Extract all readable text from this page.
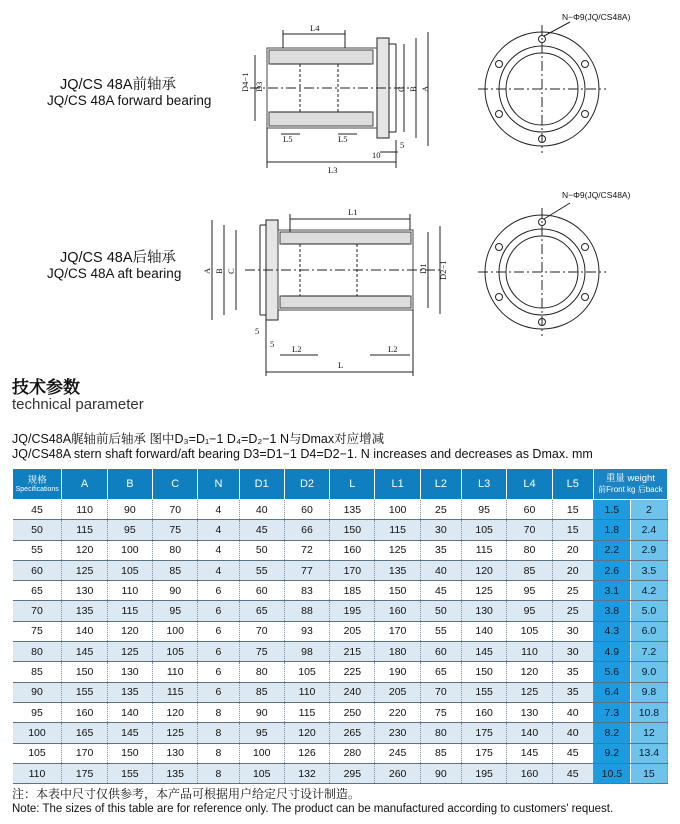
JQ/CS 48A前轴承
JQ/CS 48A forward bearing
L4
L5	L5
L3
D4−1 D3	C B A
5
10
N−Φ9(JQ/CS48A)
JQ/CS 48A后轴承
JQ/CS 48A aft bearing
L1
L2	L2
L
A B C	D1 D2−1
5
5
N−Φ9(JQ/CS48A)
技术参数
technical parameter
JQ/CS48A艉轴前后轴承 图中D₃=D₁−1 D₄=D₂−1 N与Dmax对应增减
JQ/CS48A stern shaft forward/aft bearing D3=D1−1 D4=D2−1. N increases and decreases as Dmax. mm
规格
Specifications	A	B	C	N	D1	D2	L	L1	L2	L3	L4	L5	重量 weight
前Front kg 后back	

45	110	90	70	4	40	60	135	100	25	95	60	15	1.5	2
50	115	95	75	4	45	66	150	115	30	105	70	15	1.8	2.4
55	120	100	80	4	50	72	160	125	35	115	80	20	2.2	2.9
60	125	105	85	4	55	77	170	135	40	120	85	20	2.6	3.5
65	130	110	90	6	60	83	185	150	45	125	95	25	3.1	4.2
70	135	115	95	6	65	88	195	160	50	130	95	25	3.8	5.0
75	140	120	100	6	70	93	205	170	55	140	105	30	4.3	6.0
80	145	125	105	6	75	98	215	180	60	145	110	30	4.9	7.2
85	150	130	110	6	80	105	225	190	65	150	120	35	5.6	9.0
90	155	135	115	6	85	110	240	205	70	155	125	35	6.4	9.8
95	160	140	120	8	90	115	250	220	75	160	130	40	7.3	10.8
100	165	145	125	8	95	120	265	230	80	175	140	40	8.2	12
105	170	150	130	8	100	126	280	245	85	175	145	45	9.2	13.4
110	175	155	135	8	105	132	295	260	90	195	160	45	10.5	15
注：本表中尺寸仅供参考，本产品可根据用户给定尺寸设计制造。
Note: The sizes of this table are for reference only. The product can be manufactured according to customers' request.
